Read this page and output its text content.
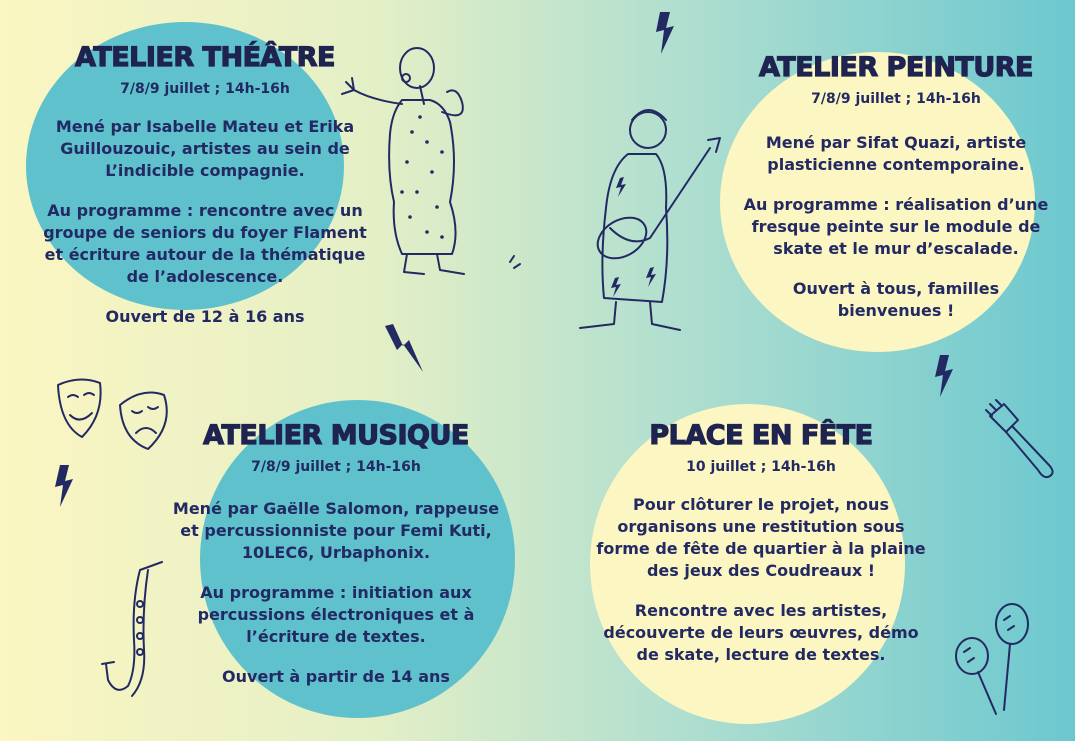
ATELIER THÉÂTRE
7/8/9 juillet ; 14h-16h
Mené par Isabelle Mateu et Erika
Guillouzouic, artistes au sein de
L’indicible compagnie.
Au programme : rencontre avec un
groupe de seniors du foyer Flament
et écriture autour de la thématique
de l’adolescence.
Ouvert de 12 à 16 ans
ATELIER PEINTURE
7/8/9 juillet ; 14h-16h
Mené par Sifat Quazi, artiste
plasticienne contemporaine.
Au programme : réalisation d’une
fresque peinte sur le module de
skate et le mur d’escalade.
Ouvert à tous, familles
bienvenues !
ATELIER MUSIQUE
7/8/9 juillet ; 14h-16h
Mené par Gaëlle Salomon, rappeuse
et percussionniste pour Femi Kuti,
10LEC6, Urbaphonix.
Au programme : initiation aux
percussions électroniques et à
l’écriture de textes.
Ouvert à partir de 14 ans
PLACE EN FÊTE
10 juillet ; 14h-16h
Pour clôturer le projet, nous
organisons une restitution sous
forme de fête de quartier à la plaine
des jeux des Coudreaux !
Rencontre avec les artistes,
découverte de leurs œuvres, démo
de skate, lecture de textes.
